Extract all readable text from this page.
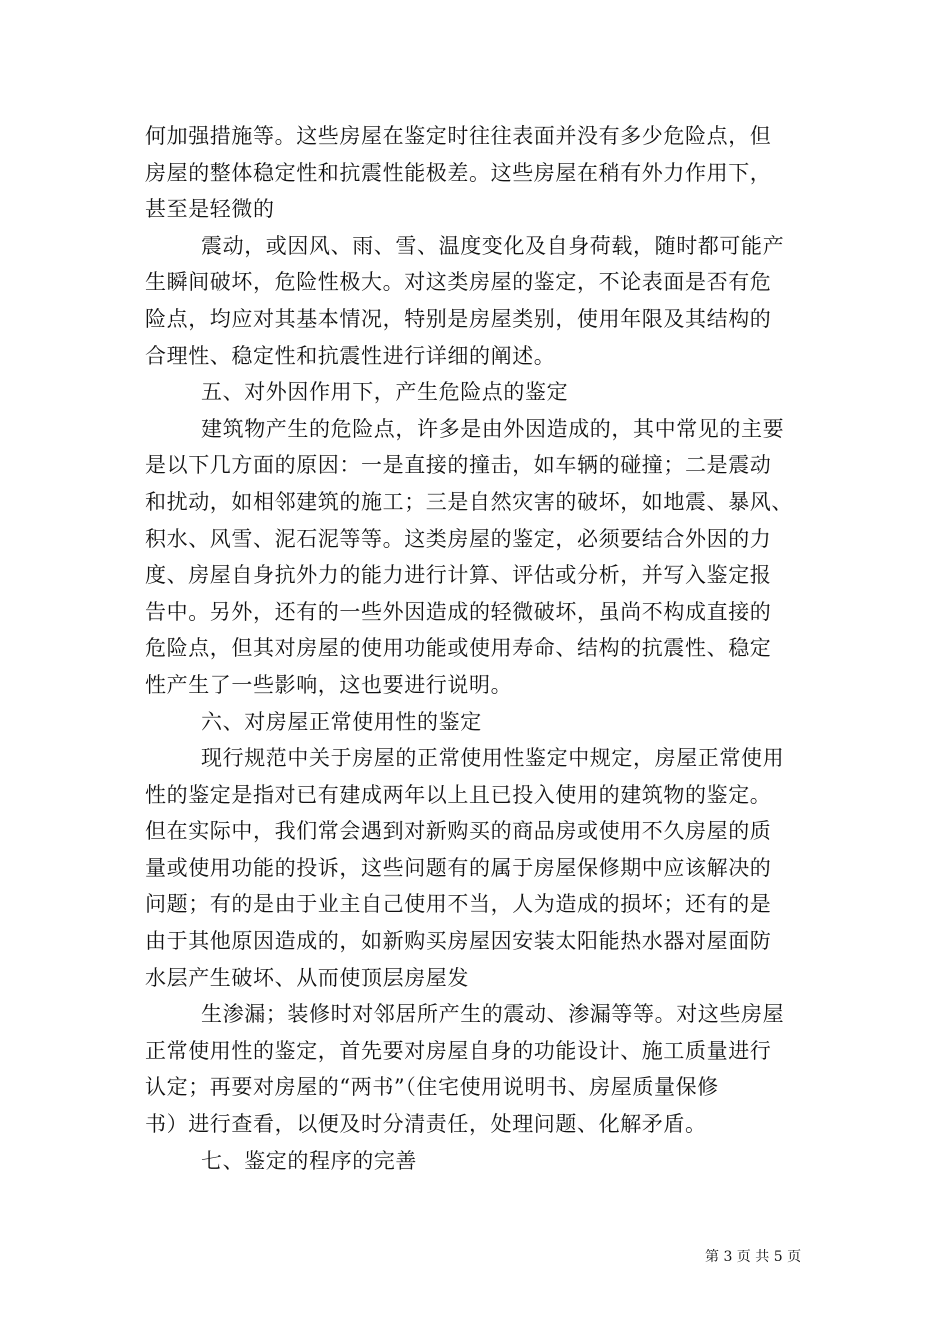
何加强措施等。这些房屋在鉴定时往往表面并没有多少危险点，但
房屋的整体稳定性和抗震性能极差。这些房屋在稍有外力作用下，
甚至是轻微的

震动，或因风、雨、雪、温度变化及自身荷载，随时都可能产
生瞬间破坏，危险性极大。对这类房屋的鉴定，不论表面是否有危
险点，均应对其基本情况，特别是房屋类别，使用年限及其结构的
合理性、稳定性和抗震性进行详细的阐述。

五、对外因作用下，产生危险点的鉴定

建筑物产生的危险点，许多是由外因造成的，其中常见的主要
是以下几方面的原因：一是直接的撞击，如车辆的碰撞；二是震动
和扰动，如相邻建筑的施工；三是自然灾害的破坏，如地震、暴风、
积水、风雪、泥石泥等等。这类房屋的鉴定，必须要结合外因的力
度、房屋自身抗外力的能力进行计算、评估或分析，并写入鉴定报
告中。另外，还有的一些外因造成的轻微破坏，虽尚不构成直接的
危险点，但其对房屋的使用功能或使用寿命、结构的抗震性、稳定
性产生了一些影响，这也要进行说明。

六、对房屋正常使用性的鉴定

现行规范中关于房屋的正常使用性鉴定中规定，房屋正常使用
性的鉴定是指对已有建成两年以上且已投入使用的建筑物的鉴定。
但在实际中，我们常会遇到对新购买的商品房或使用不久房屋的质
量或使用功能的投诉，这些问题有的属于房屋保修期中应该解决的
问题；有的是由于业主自己使用不当，人为造成的损坏；还有的是
由于其他原因造成的，如新购买房屋因安装太阳能热水器对屋面防
水层产生破坏、从而使顶层房屋发

生渗漏；装修时对邻居所产生的震动、渗漏等等。对这些房屋
正常使用性的鉴定，首先要对房屋自身的功能设计、施工质量进行
认定；再要对房屋的“两书”（住宅使用说明书、房屋质量保修
书）进行查看，以便及时分清责任，处理问题、化解矛盾。

七、鉴定的程序的完善

第 3 页 共 5 页
